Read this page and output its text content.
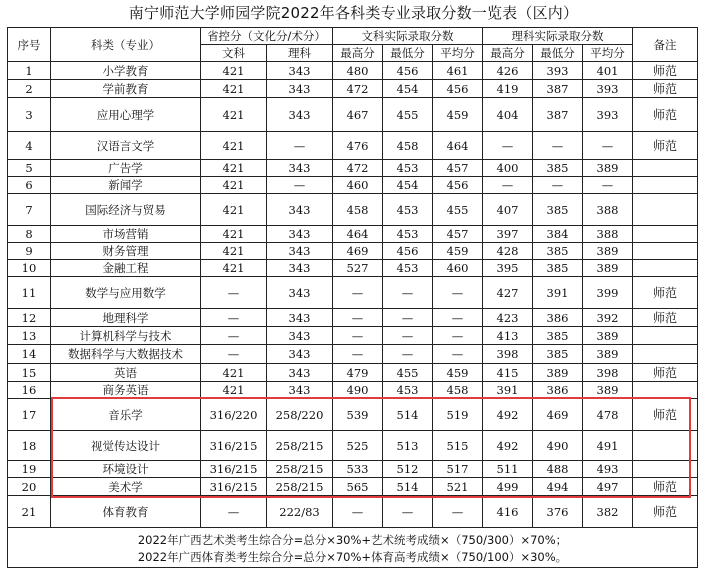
南宁师范大学师园学院2022年各科类专业录取分数一览表（区内）
序号	科类（专业）	省控分（文化分/术分）		文科实际录取分数			理科实际录取分数			备注
		文科	理科	最高分	最低分	平均分	最高分	最低分	平均分	
1	小学教育	421	343	480	456	461	426	393	401	师范
2	学前教育	421	343	472	454	456	419	387	393	师范
3	应用心理学	421	343	467	455	459	404	387	393	师范
4	汉语言文学	421	—	476	458	464	—	—	—	师范
5	广告学	421	343	472	453	457	400	385	389	
6	新闻学	421	—	460	454	456	—	—	—	
7	国际经济与贸易	421	343	458	453	455	407	385	388	
8	市场营销	421	343	464	453	457	397	384	388	
9	财务管理	421	343	469	456	459	428	385	389	
10	金融工程	421	343	527	453	460	395	385	389	
11	数学与应用数学	—	343	—	—	—	427	391	399	师范
12	地理科学	—	343	—	—	—	423	386	392	师范
13	计算机科学与技术	—	343	—	—	—	413	385	389	
14	数据科学与大数据技术	—	343	—	—	—	398	385	389	
15	英语	421	343	479	455	459	415	389	398	师范
16	商务英语	421	343	490	453	458	391	386	389	
17	音乐学	316/220	258/220	539	514	519	492	469	478	师范
18	视觉传达设计	316/215	258/215	525	513	515	492	490	491	
19	环境设计	316/215	258/215	533	512	517	511	488	493	
20	美术学	316/215	258/215	565	514	521	499	494	497	师范
21	体育教育	—	222/83	—	—	—	416	376	382	师范

2022年广西艺术类考生综合分=总分×30%+艺术统考成绩×（750/300）×70%；
2022年广西体育类考生综合分=总分×70%+体育高考成绩×（750/100）×30%。										
